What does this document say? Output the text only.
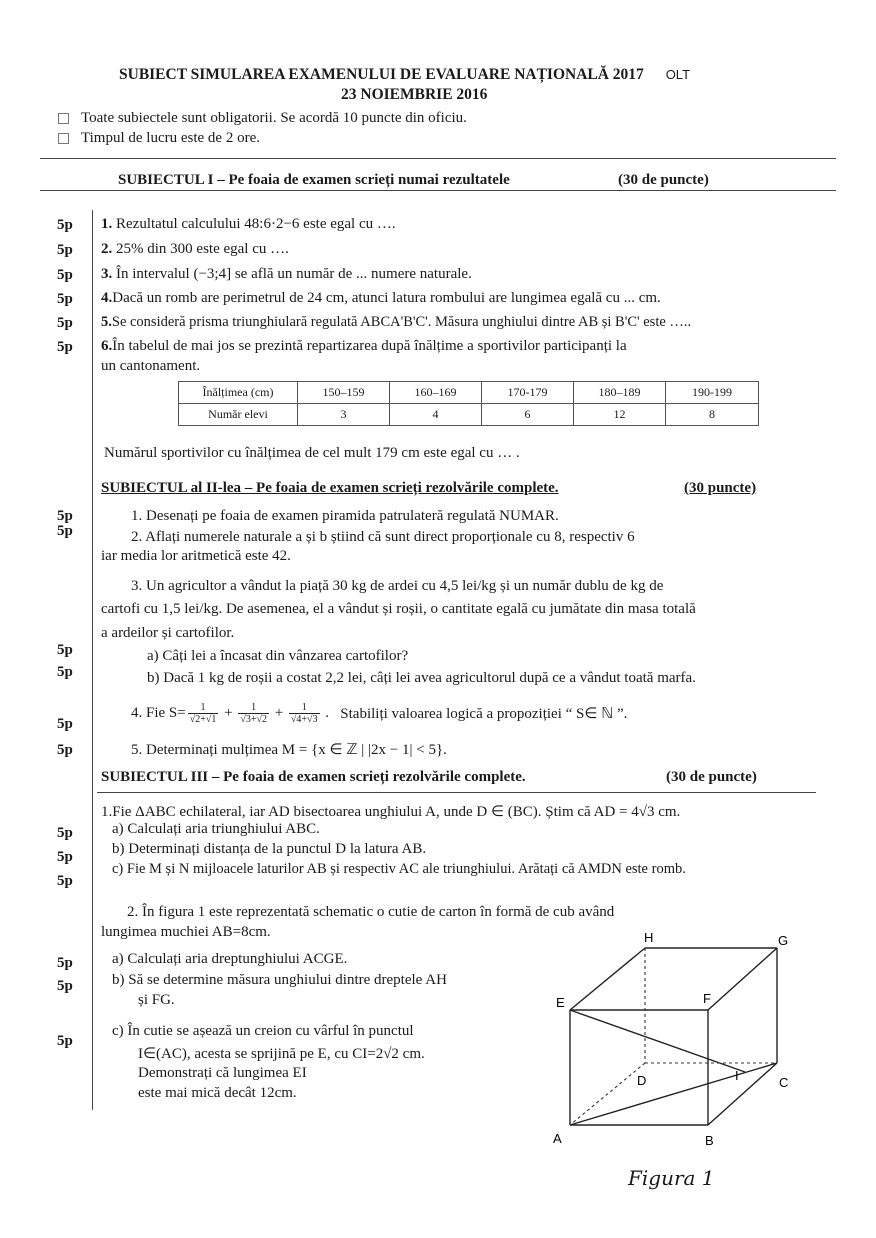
SUBIECT SIMULAREA EXAMENULUI DE EVALUARE NAȚIONALĂ 2017 OLT
23 NOIEMBRIE 2016
Toate subiectele sunt obligatorii. Se acordă 10 puncte din oficiu.
Timpul de lucru este de 2 ore.
SUBIECTUL I – Pe foaia de examen scrieți numai rezultatele	(30 de puncte)
5p 1. Rezultatul calculului 48:6·2−6 este egal cu ….
5p 2. 25% din 300 este egal cu ….
5p 3. În intervalul (−3;4] se află un număr de ... numere naturale.
5p 4.Dacă un romb are perimetrul de 24 cm, atunci latura rombului are lungimea egală cu ... cm.
5p 5.Se consideră prisma triunghiulară regulată ABCA'B'C'. Măsura unghiului dintre AB și B'C' este …..
5p 6.În tabelul de mai jos se prezintă repartizarea după înălțime a sportivilor participanți la
un cantonament.
Înălțimea (cm)	150–159	160–169	170-179	180–189	190-199
Număr elevi	3	4	6	12	8
Numărul sportivilor cu înălțimea de cel mult 179 cm este egal cu … .
SUBIECTUL al II-lea – Pe foaia de examen scrieți rezolvările complete.	(30 puncte)
5p
5p
1. Desenați pe foaia de examen piramida patrulateră regulată NUMAR.
2. Aflați numerele naturale a și b știind că sunt direct proporționale cu 8, respectiv 6
iar media lor aritmetică este 42.
3. Un agricultor a vândut la piață 30 kg de ardei cu 4,5 lei/kg și un număr dublu de kg de
cartofi cu 1,5 lei/kg. De asemenea, el a vândut și roșii, o cantitate egală cu jumătate din masa totală
a ardeilor și cartofilor.
5p
5p
a) Câți lei a încasat din vânzarea cartofilor?
b) Dacă 1 kg de roșii a costat 2,2 lei, câți lei avea agricultorul după ce a vândut toată marfa.
5p
4. Fie $S= \frac{1}{√2+√1} + \frac{1}{√3+√2} + \frac{1}{√4+√3}$ .   Stabiliți valoarea logică a propoziției “ S∈ ℕ ”.
5p	5. Determinați mulțimea M = {x ∈ ℤ | |2x − 1| < 5}.
SUBIECTUL III – Pe foaia de examen scrieți rezolvările complete.	(30 de puncte)
1.Fie ΔABC echilateral, iar AD bisectoarea unghiului A, unde D ∈ (BC). Știm că AD = 4√3 cm.
5p
5p
5p
a) Calculați aria triunghiului ABC.
b) Determinați distanța de la punctul D la latura AB.
c) Fie M și N mijloacele laturilor AB și respectiv AC ale triunghiului. Arătați că AMDN este romb.
2. În figura 1 este reprezentată schematic o cutie de carton în formă de cub având
lungimea muchiei AB=8cm.
5p
5p
a) Calculați aria dreptunghiului ACGE.
b) Să se determine măsura unghiului dintre dreptele AH
și FG.
5p
c) În cutie se așează un creion cu vârful în punctul
I∈(AC), acesta se sprijină pe E, cu CI=2√2 cm.
Demonstrați că lungimea EI
este mai mică decât 12cm.
E	F
H	G
D	C
I
A	B
Figura 1
